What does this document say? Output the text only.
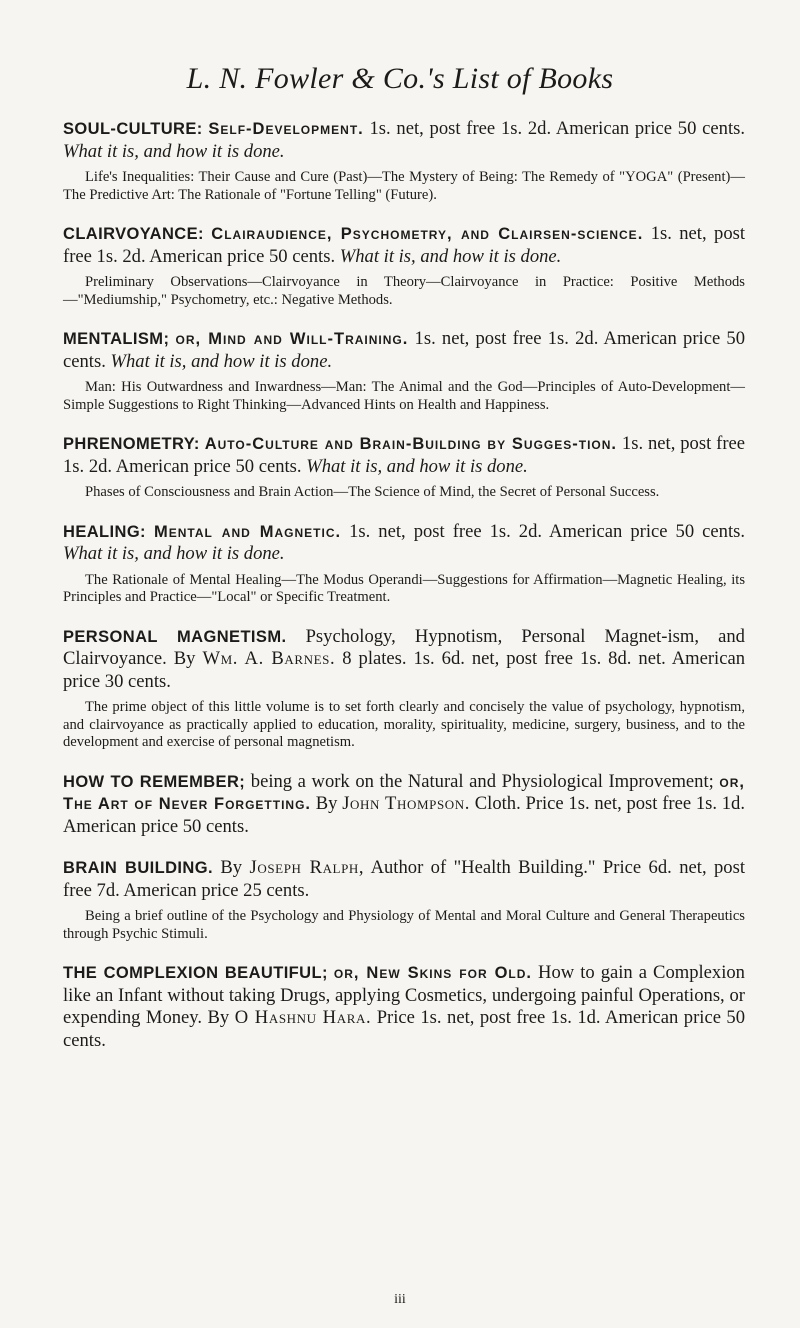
L. N. Fowler & Co.'s List of Books

SOUL-CULTURE: Self-Development. 1s. net, post free 1s. 2d. American price 50 cents. What it is, and how it is done.

Life's Inequalities: Their Cause and Cure (Past)—The Mystery of Being: The Remedy of "YOGA" (Present)—The Predictive Art: The Rationale of "Fortune Telling" (Future).

CLAIRVOYANCE: Clairaudience, Psychometry, and Clairsen-science. 1s. net, post free 1s. 2d. American price 50 cents. What it is, and how it is done.

Preliminary Observations—Clairvoyance in Theory—Clairvoyance in Practice: Positive Methods—"Mediumship," Psychometry, etc.: Negative Methods.

MENTALISM; or, Mind and Will-Training. 1s. net, post free 1s. 2d. American price 50 cents. What it is, and how it is done.

Man: His Outwardness and Inwardness—Man: The Animal and the God—Principles of Auto-Development—Simple Suggestions to Right Thinking—Advanced Hints on Health and Happiness.

PHRENOMETRY: Auto-Culture and Brain-Building by Sugges-tion. 1s. net, post free 1s. 2d. American price 50 cents. What it is, and how it is done.

Phases of Consciousness and Brain Action—The Science of Mind, the Secret of Personal Success.

HEALING: Mental and Magnetic. 1s. net, post free 1s. 2d. American price 50 cents. What it is, and how it is done.

The Rationale of Mental Healing—The Modus Operandi—Suggestions for Affirmation—Magnetic Healing, its Principles and Practice—"Local" or Specific Treatment.

PERSONAL MAGNETISM. Psychology, Hypnotism, Personal Magnet-ism, and Clairvoyance. By Wm. A. Barnes. 8 plates. 1s. 6d. net, post free 1s. 8d. net. American price 30 cents.

The prime object of this little volume is to set forth clearly and concisely the value of psychology, hypnotism, and clairvoyance as practically applied to education, morality, spirituality, medicine, surgery, business, and to the development and exercise of personal magnetism.

HOW TO REMEMBER; being a work on the Natural and Physiological Improvement; or, The Art of Never Forgetting. By John Thompson. Cloth. Price 1s. net, post free 1s. 1d. American price 50 cents.

BRAIN BUILDING. By Joseph Ralph, Author of "Health Building." Price 6d. net, post free 7d. American price 25 cents.

Being a brief outline of the Psychology and Physiology of Mental and Moral Culture and General Therapeutics through Psychic Stimuli.

THE COMPLEXION BEAUTIFUL; or, New Skins for Old. How to gain a Complexion like an Infant without taking Drugs, applying Cosmetics, undergoing painful Operations, or expending Money. By O Hashnu Hara. Price 1s. net, post free 1s. 1d. American price 50 cents.

iii
